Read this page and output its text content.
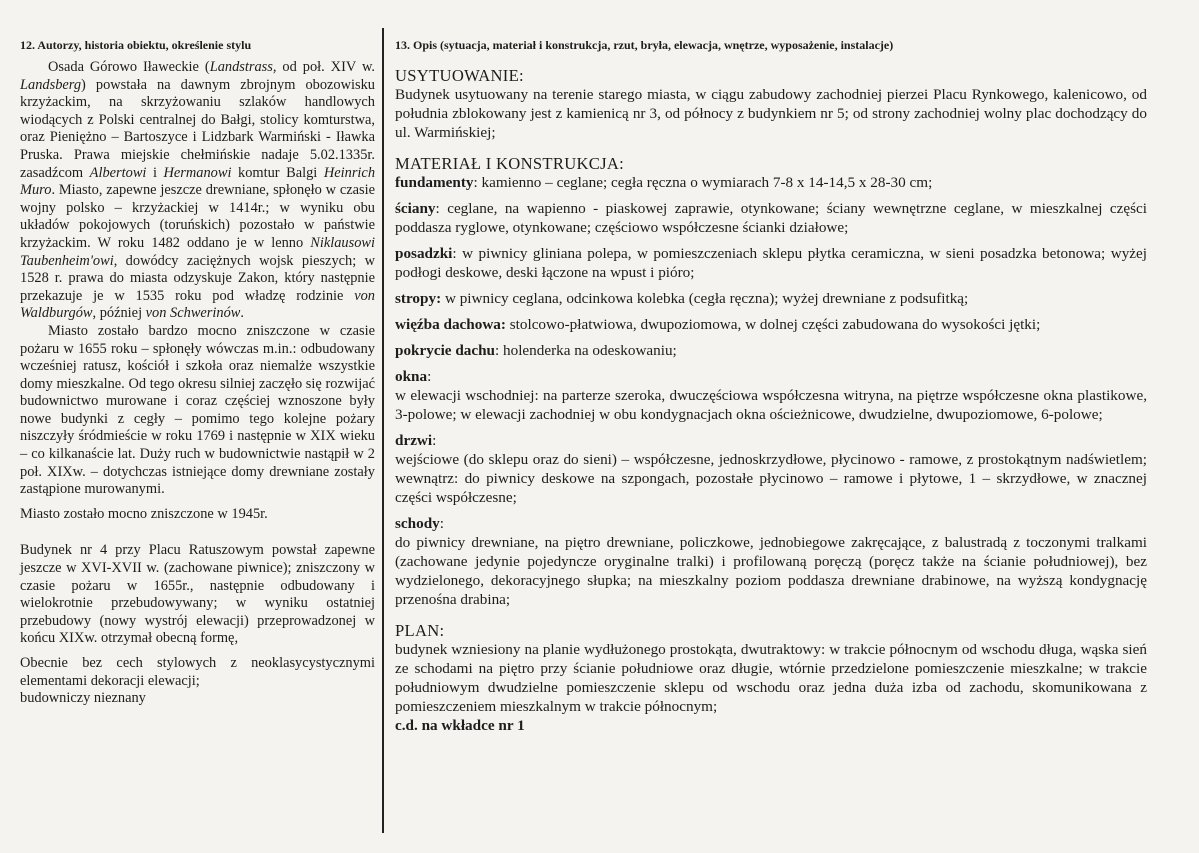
12. Autorzy, historia obiektu, określenie stylu	13. Opis (sytuacja, materiał i konstrukcja, rzut, bryła, elewacja, wnętrze, wyposażenie, instalacje)

Osada Górowo Iławeckie (Landstrass, od poł. XIV w. Landsberg) powstała na dawnym zbrojnym obozowisku krzyżackim, na skrzyżowaniu szlaków handlowych wiodących z Polski centralnej do Bałgi, stolicy komturstwa, oraz Pieniężno – Bartoszyce i Lidzbark Warmiński - Iławka Pruska. Prawa miejskie chełmińskie nadaje 5.02.1335r. zasadźcom Albertowi i Hermanowi komtur Balgi Heinrich Muro. Miasto, zapewne jeszcze drewniane, spłonęło w czasie wojny polsko – krzyżackiej w 1414r.; w wyniku obu układów pokojowych (toruńskich) pozostało w państwie krzyżackim. W roku 1482 oddano je w lenno Niklausowi Taubenheim'owi, dowódcy zaciężnych wojsk pieszych; w 1528 r. prawa do miasta odzyskuje Zakon, który następnie przekazuje je w 1535 roku pod władzę rodzinie von Waldburgów, później von Schwerinów.

Miasto zostało bardzo mocno zniszczone w czasie pożaru w 1655 roku – spłonęły wówczas m.in.: odbudowany wcześniej ratusz, kościół i szkoła oraz niemalże wszystkie domy mieszkalne. Od tego okresu silniej zaczęło się rozwijać budownictwo murowane i coraz częściej wznoszone były nowe budynki z cegły – pomimo tego kolejne pożary niszczyły śródmieście w roku 1769 i następnie w XIX wieku – co kilkanaście lat. Duży ruch w budownictwie nastąpił w 2 poł. XIXw. – dotychczas istniejące domy drewniane zostały zastąpione murowanymi.

Miasto zostało mocno zniszczone w 1945r.

Budynek nr 4 przy Placu Ratuszowym powstał zapewne jeszcze w XVI-XVII w. (zachowane piwnice); zniszczony w czasie pożaru w 1655r., następnie odbudowany i wielokrotnie przebudowywany; w wyniku ostatniej przebudowy (nowy wystrój elewacji) przeprowadzonej w końcu XIXw. otrzymał obecną formę,

Obecnie bez cech stylowych z neoklasycystycznymi elementami dekoracji elewacji;

budowniczy nieznany

USYTUOWANIE:

Budynek usytuowany na terenie starego miasta, w ciągu zabudowy zachodniej pierzei Placu Rynkowego, kalenicowo, od południa zblokowany jest z kamienicą nr 3, od północy z budynkiem nr 5; od strony zachodniej wolny plac dochodzący do ul. Warmińskiej;

MATERIAŁ I KONSTRUKCJA:

fundamenty: kamienno – ceglane; cegła ręczna o wymiarach 7-8 x 14-14,5 x 28-30 cm;

ściany: ceglane, na wapienno - piaskowej zaprawie, otynkowane; ściany wewnętrzne ceglane, w mieszkalnej części poddasza ryglowe, otynkowane; częściowo współczesne ścianki działowe;

posadzki: w piwnicy gliniana polepa, w pomieszczeniach sklepu płytka ceramiczna, w sieni posadzka betonowa; wyżej podłogi deskowe, deski łączone na wpust i pióro;

stropy: w piwnicy ceglana, odcinkowa kolebka (cegła ręczna); wyżej drewniane z podsufitką;

więźba dachowa: stolcowo-płatwiowa, dwupoziomowa, w dolnej części zabudowana do wysokości jętki;

pokrycie dachu: holenderka na odeskowaniu;

okna:

w elewacji wschodniej: na parterze szeroka, dwuczęściowa współczesna witryna, na piętrze współczesne okna plastikowe, 3-polowe; w elewacji zachodniej w obu kondygnacjach okna ościeżnicowe, dwudzielne, dwupoziomowe, 6-polowe;

drzwi:

wejściowe (do sklepu oraz do sieni) – współczesne, jednoskrzydłowe, płycinowo - ramowe, z prostokątnym nadświetlem; wewnątrz: do piwnicy deskowe na szpongach, pozostałe płycinowo – ramowe i płytowe, 1 – skrzydłowe, w znacznej części współczesne;

schody:

do piwnicy drewniane, na piętro drewniane, policzkowe, jednobiegowe zakręcające, z balustradą z toczonymi tralkami (zachowane jedynie pojedyncze oryginalne tralki) i profilowaną poręczą (poręcz także na ścianie południowej), bez wydzielonego, dekoracyjnego słupka; na mieszkalny poziom poddasza drewniane drabinowe, na wyższą kondygnację przenośna drabina;

PLAN:

budynek wzniesiony na planie wydłużonego prostokąta, dwutraktowy: w trakcie północnym od wschodu długa, wąska sień ze schodami na piętro przy ścianie południowe oraz długie, wtórnie przedzielone pomieszczenie mieszkalne; w trakcie południowym dwudzielne pomieszczenie sklepu od wschodu oraz jedna duża izba od zachodu, skomunikowana z pomieszczeniem mieszkalnym w trakcie północnym;

c.d. na wkładce nr 1
